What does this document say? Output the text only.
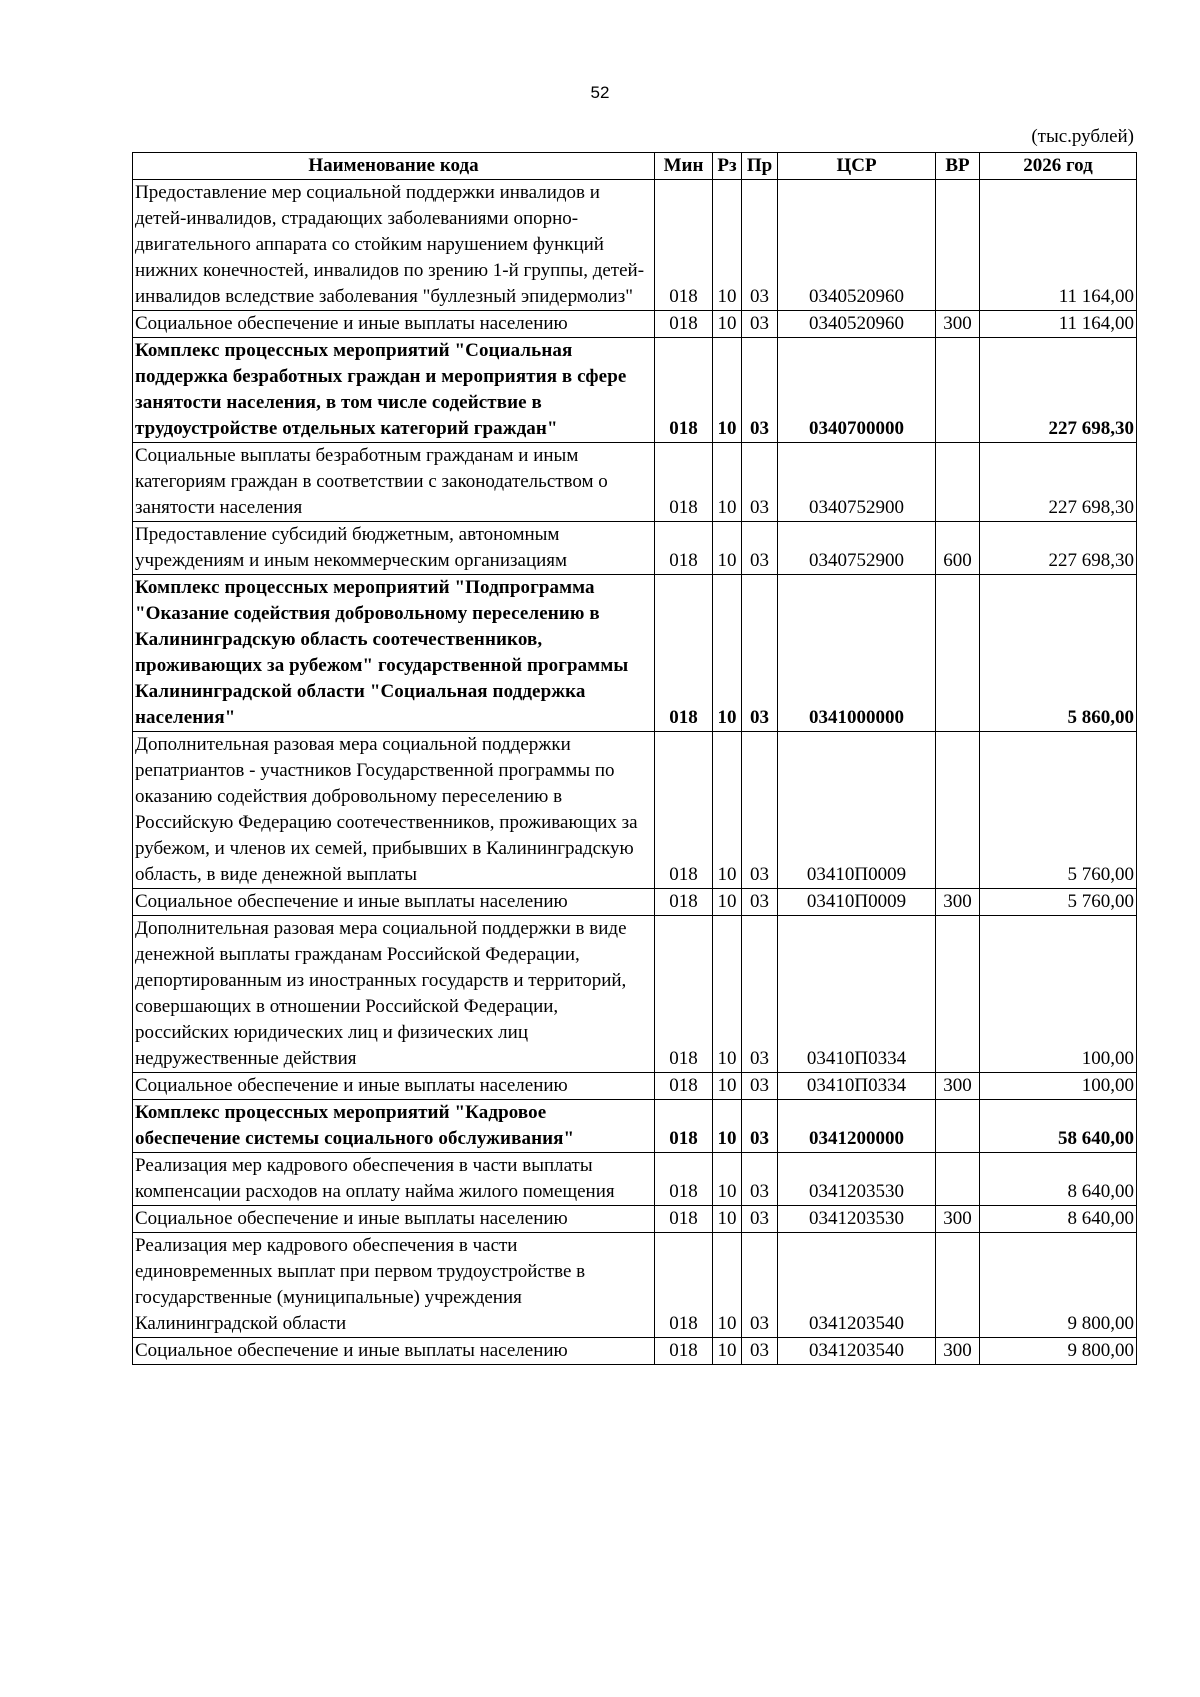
52
(тыс.рублей)
Наименование кода	Мин	Рз	Пр	ЦСР	ВР	2026 год
Предоставление мер социальной поддержки инвалидов и детей-инвалидов, страдающих заболеваниями опорно-двигательного аппарата со стойким нарушением функций нижних конечностей, инвалидов по зрению 1-й группы, детей-инвалидов вследствие заболевания "буллезный эпидермолиз"	018	10	03	0340520960		11 164,00
Социальное обеспечение и иные выплаты населению	018	10	03	0340520960	300	11 164,00
Комплекс процессных мероприятий "Социальная поддержка безработных граждан и мероприятия в сфере занятости населения, в том числе содействие в трудоустройстве отдельных категорий граждан"	018	10	03	0340700000		227 698,30
Социальные выплаты безработным гражданам и иным категориям граждан в соответствии с законодательством о занятости населения	018	10	03	0340752900		227 698,30
Предоставление субсидий бюджетным, автономным учреждениям и иным некоммерческим организациям	018	10	03	0340752900	600	227 698,30
Комплекс процессных мероприятий "Подпрограмма "Оказание содействия добровольному переселению в Калининградскую область соотечественников, проживающих за рубежом" государственной программы Калининградской области "Социальная поддержка населения"	018	10	03	0341000000		5 860,00
Дополнительная разовая мера социальной поддержки репатриантов - участников Государственной программы по оказанию содействия добровольному переселению в Российскую Федерацию соотечественников, проживающих за рубежом, и членов их семей, прибывших в Калининградскую область, в виде денежной выплаты	018	10	03	03410П0009		5 760,00
Социальное обеспечение и иные выплаты населению	018	10	03	03410П0009	300	5 760,00
Дополнительная разовая мера социальной поддержки в виде денежной выплаты гражданам Российской Федерации, депортированным из иностранных государств и территорий, совершающих в отношении Российской Федерации, российских юридических лиц и физических лиц недружественные действия	018	10	03	03410П0334		100,00
Социальное обеспечение и иные выплаты населению	018	10	03	03410П0334	300	100,00
Комплекс процессных мероприятий "Кадровое обеспечение системы социального обслуживания"	018	10	03	0341200000		58 640,00
Реализация мер кадрового обеспечения в части выплаты компенсации расходов на оплату найма жилого помещения	018	10	03	0341203530		8 640,00
Социальное обеспечение и иные выплаты населению	018	10	03	0341203530	300	8 640,00
Реализация мер кадрового обеспечения в части единовременных выплат при первом трудоустройстве в государственные (муниципальные) учреждения Калининградской области	018	10	03	0341203540		9 800,00
Социальное обеспечение и иные выплаты населению	018	10	03	0341203540	300	9 800,00
